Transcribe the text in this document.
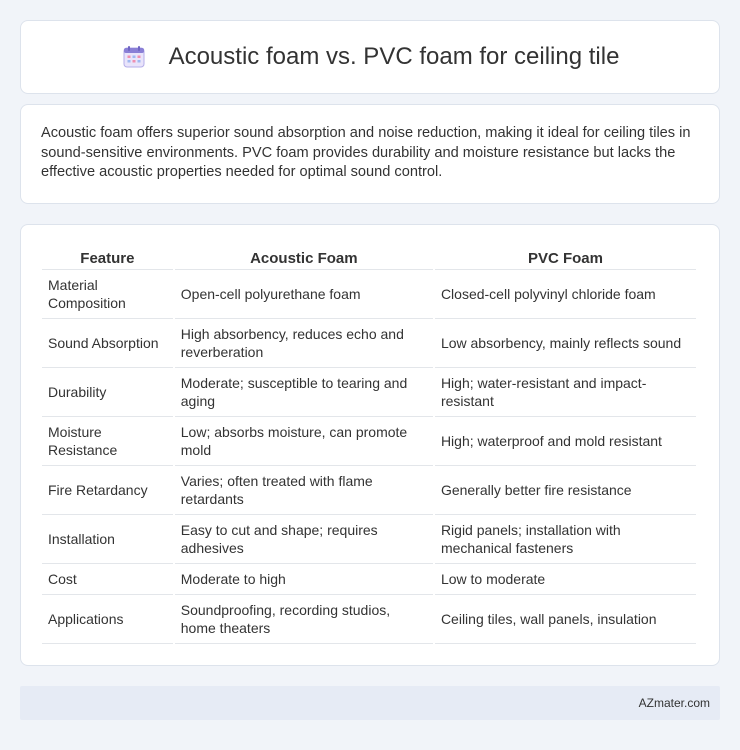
Acoustic foam vs. PVC foam for ceiling tile

Acoustic foam offers superior sound absorption and noise reduction, making it ideal for ceiling tiles in sound-sensitive environments. PVC foam provides durability and moisture resistance but lacks the effective acoustic properties needed for optimal sound control.

Feature	Acoustic Foam	PVC Foam
Material Composition	Open-cell polyurethane foam	Closed-cell polyvinyl chloride foam
Sound Absorption	High absorbency, reduces echo and reverberation	Low absorbency, mainly reflects sound
Durability	Moderate; susceptible to tearing and aging	High; water-resistant and impact-resistant
Moisture Resistance	Low; absorbs moisture, can promote mold	High; waterproof and mold resistant
Fire Retardancy	Varies; often treated with flame retardants	Generally better fire resistance
Installation	Easy to cut and shape; requires adhesives	Rigid panels; installation with mechanical fasteners
Cost	Moderate to high	Low to moderate
Applications	Soundproofing, recording studios, home theaters	Ceiling tiles, wall panels, insulation
AZmater.com
